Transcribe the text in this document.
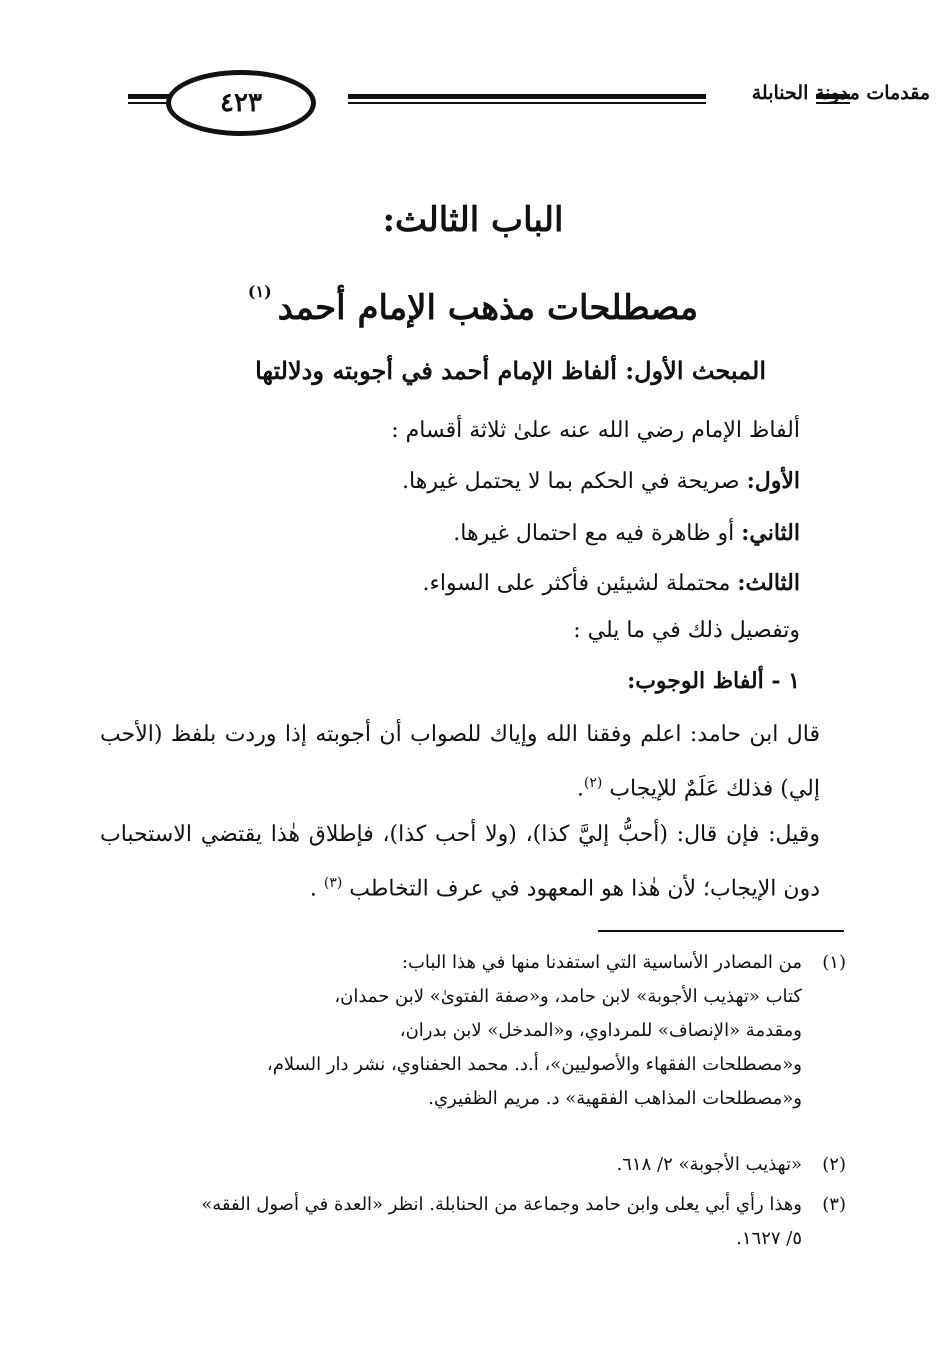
٤٢٣	مقدمات مدونة الحنابلة
الباب الثالث:
مصطلحات مذهب الإمام أحمد$^{(١)}$
المبحث الأول: ألفاظ الإمام أحمد في أجوبته ودلالتها
ألفاظ الإمام رضي الله عنه علىٰ ثلاثة أقسام :
الأول: صريحة في الحكم بما لا يحتمل غيرها.
الثاني: أو ظاهرة فيه مع احتمال غيرها.
الثالث: محتملة لشيئين فأكثر على السواء.
وتفصيل ذلك في ما يلي :
١ - ألفاظ الوجوب:
قال ابن حامد: اعلم وفقنا الله وإياك للصواب أن أجوبته إذا وردت بلفظ (الأحب إلي) فذلك عَلَمٌ للإيجاب $^{(٢)}$.
وقيل: فإن قال: (أحبُّ إليَّ كذا)، (ولا أحب كذا)، فإطلاق هٰذا يقتضي الاستحباب دون الإيجاب؛ لأن هٰذا هو المعهود في عرف التخاطب $^{(٣)}$ .
(١)من المصادر الأساسية التي استفدنا منها في هذا الباب:
كتاب «تهذيب الأجوبة» لابن حامد، و«صفة الفتوىٰ» لابن حمدان،
ومقدمة «الإنصاف» للمرداوي، و«المدخل» لابن بدران،
و«مصطلحات الفقهاء والأصوليين»، أ.د. محمد الحفناوي، نشر دار السلام،
و«مصطلحات المذاهب الفقهية» د. مريم الظفيري.
(٢)«تهذيب الأجوبة» ٢/ ٦١٨.
(٣)وهذا رأي أبي يعلى وابن حامد وجماعة من الحنابلة. انظر «العدة في أصول الفقه»
٥/ ١٦٢٧.
